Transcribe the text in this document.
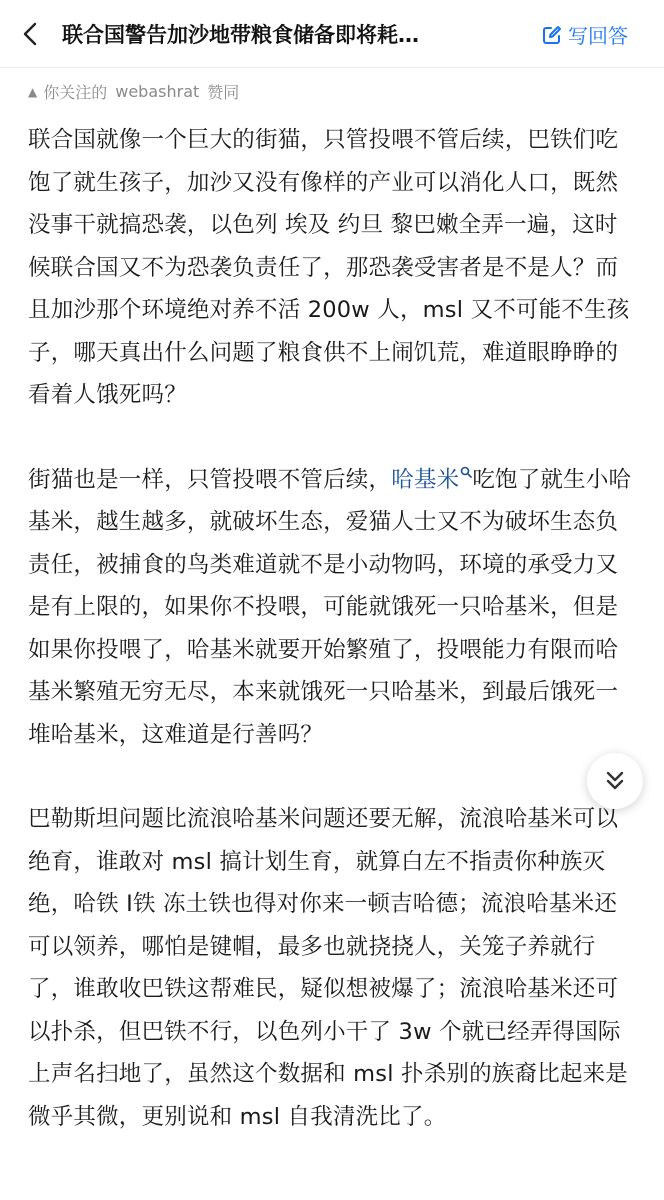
联合国警告加沙地带粮食储备即将耗…	写回答
▲ 你关注的 webashrat 赞同

联合国就像一个巨大的街猫，只管投喂不管后续，巴铁们吃饱了就生孩子，加沙又没有像样的产业可以消化人口，既然没事干就搞恐袭，以色列 埃及 约旦 黎巴嫩全弄一遍，这时候联合国又不为恐袭负责任了，那恐袭受害者是不是人？而且加沙那个环境绝对养不活 200w 人，msl 又不可能不生孩子，哪天真出什么问题了粮食供不上闹饥荒，难道眼睁睁的看着人饿死吗？

街猫也是一样，只管投喂不管后续，哈基米 吃饱了就生小哈基米，越生越多，就破坏生态，爱猫人士又不为破坏生态负责任，被捕食的鸟类难道就不是小动物吗，环境的承受力又是有上限的，如果你不投喂，可能就饿死一只哈基米，但是如果你投喂了，哈基米就要开始繁殖了，投喂能力有限而哈基米繁殖无穷无尽，本来就饿死一只哈基米，到最后饿死一堆哈基米，这难道是行善吗？

巴勒斯坦问题比流浪哈基米问题还要无解，流浪哈基米可以绝育，谁敢对 msl 搞计划生育，就算白左不指责你种族灭绝，哈铁 I铁 冻土铁也得对你来一顿吉哈德；流浪哈基米还可以领养，哪怕是键帽，最多也就挠挠人，关笼子养就行了，谁敢收巴铁这帮难民，疑似想被爆了；流浪哈基米还可以扑杀，但巴铁不行，以色列小干了 3w 个就已经弄得国际上声名扫地了，虽然这个数据和 msl 扑杀别的族裔比起来是微乎其微，更别说和 msl 自我清洗比了。
